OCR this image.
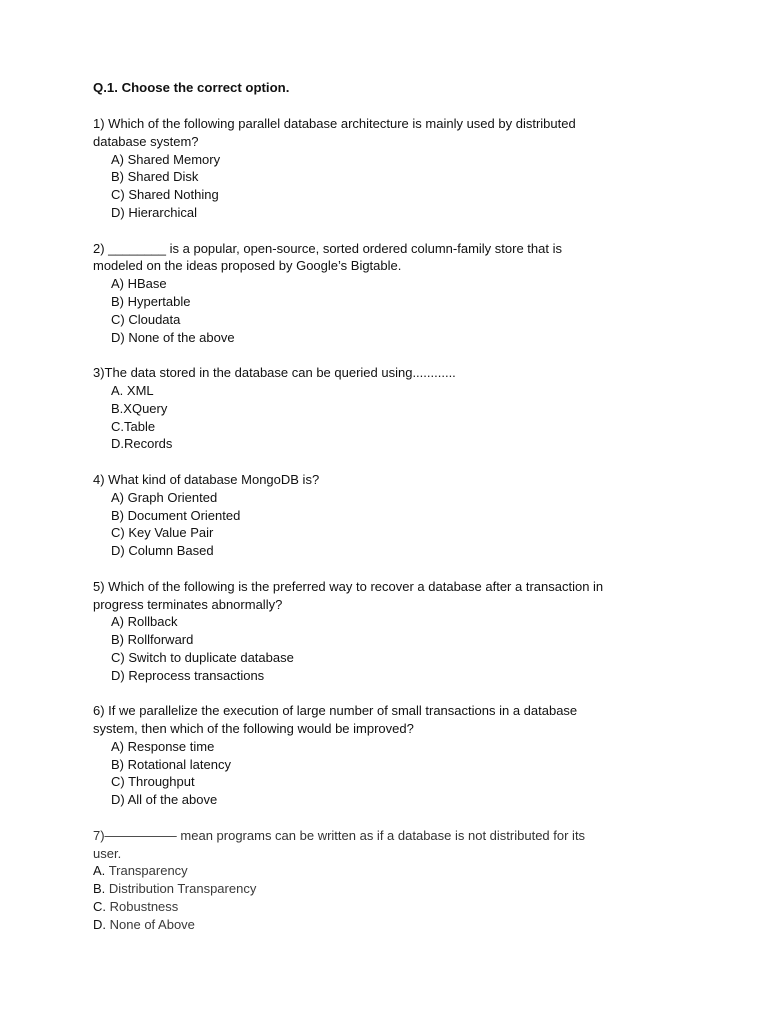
Q.1. Choose the correct option.
1) Which of the following parallel database architecture is mainly used by distributed database system?
A) Shared Memory
B) Shared Disk
C) Shared Nothing
D) Hierarchical
2) ________ is a popular, open-source, sorted ordered column-family store that is modeled on the ideas proposed by Google’s Bigtable.
A) HBase
B) Hypertable
C) Cloudata
D) None of the above
3)The data stored in the database can be queried using............
A. XML
B.XQuery
C.Table
D.Records
4) What kind of database MongoDB is?
A) Graph Oriented
B) Document Oriented
C) Key Value Pair
D) Column Based
5) Which of the following is the preferred way to recover a database after a transaction in progress terminates abnormally?
A) Rollback
B) Rollforward
C) Switch to duplicate database
D) Reprocess transactions
6) If we parallelize the execution of large number of small transactions in a database system, then which of the following would be improved?
A) Response time
B) Rotational latency
C) Throughput
D) All of the above
7)—————– mean programs can be written as if a database is not distributed for its user.
A. Transparency
B. Distribution Transparency
C. Robustness
D. None of Above
